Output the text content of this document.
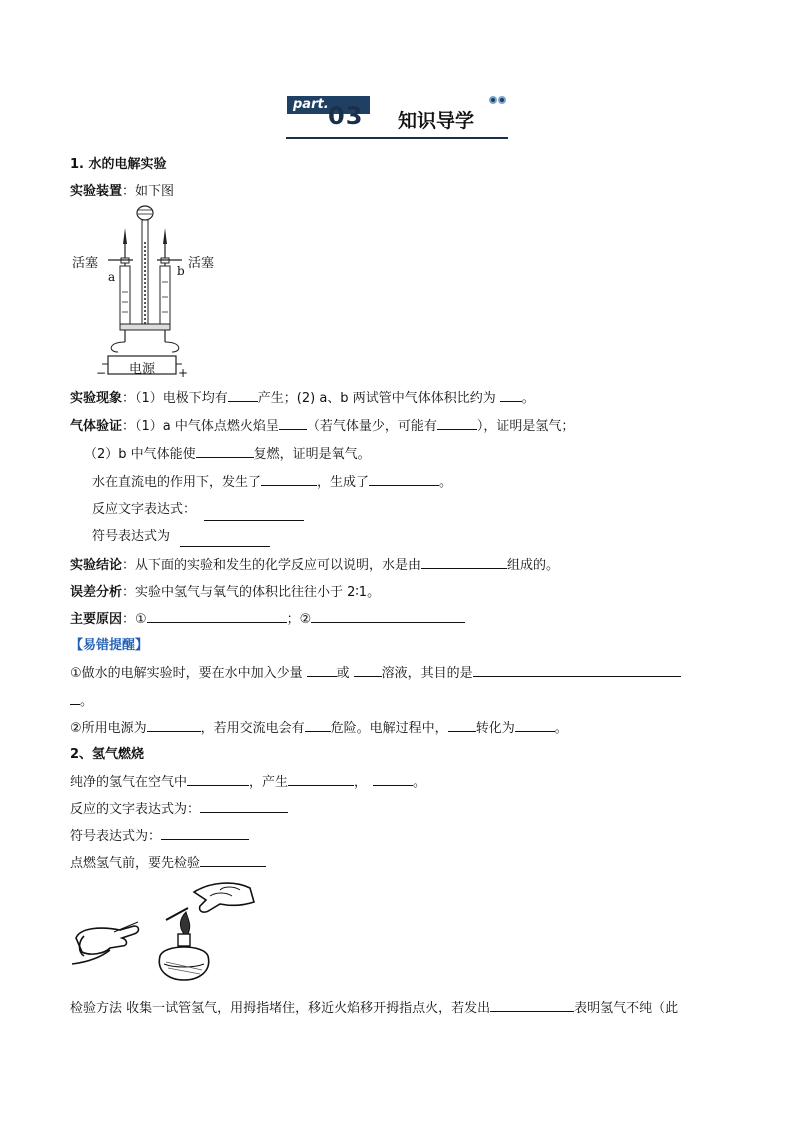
part. 03 知识导学
1. 水的电解实验
实验装置：如下图
活塞	活塞
a	b
电源
−	+
实验现象：（1）电极下均有 产生；(2) a、b 两试管中气体体积比约为 。
气体验证：（1）a 中气体点燃火焰呈 （若气体量少，可能有	），证明是氢气；
（2）b 中气体能使	复燃，证明是氧气。
水在直流电的作用下，发生了	，生成了	。
反应文字表达式：
符号表达式为
实验结论：从下面的实验和发生的化学反应可以说明，水是由	组成的。
误差分析：实验中氢气与氧气的体积比往往小于 2∶1。
主要原因：①	；②
【易错提醒】
①做水的电解实验时，要在水中加入少量	或 溶液，其目的是
。
②所用电源为	，若用交流电会有 危险。电解过程中， 转化为	。
2、氢气燃烧
纯净的氢气在空气中	，产生	，	。
反应的文字表达式为：
符号表达式为：
点燃氢气前，要先检验
检验方法 收集一试管氢气，用拇指堵住，移近火焰移开拇指点火，若发出	表明氢气不纯（此
